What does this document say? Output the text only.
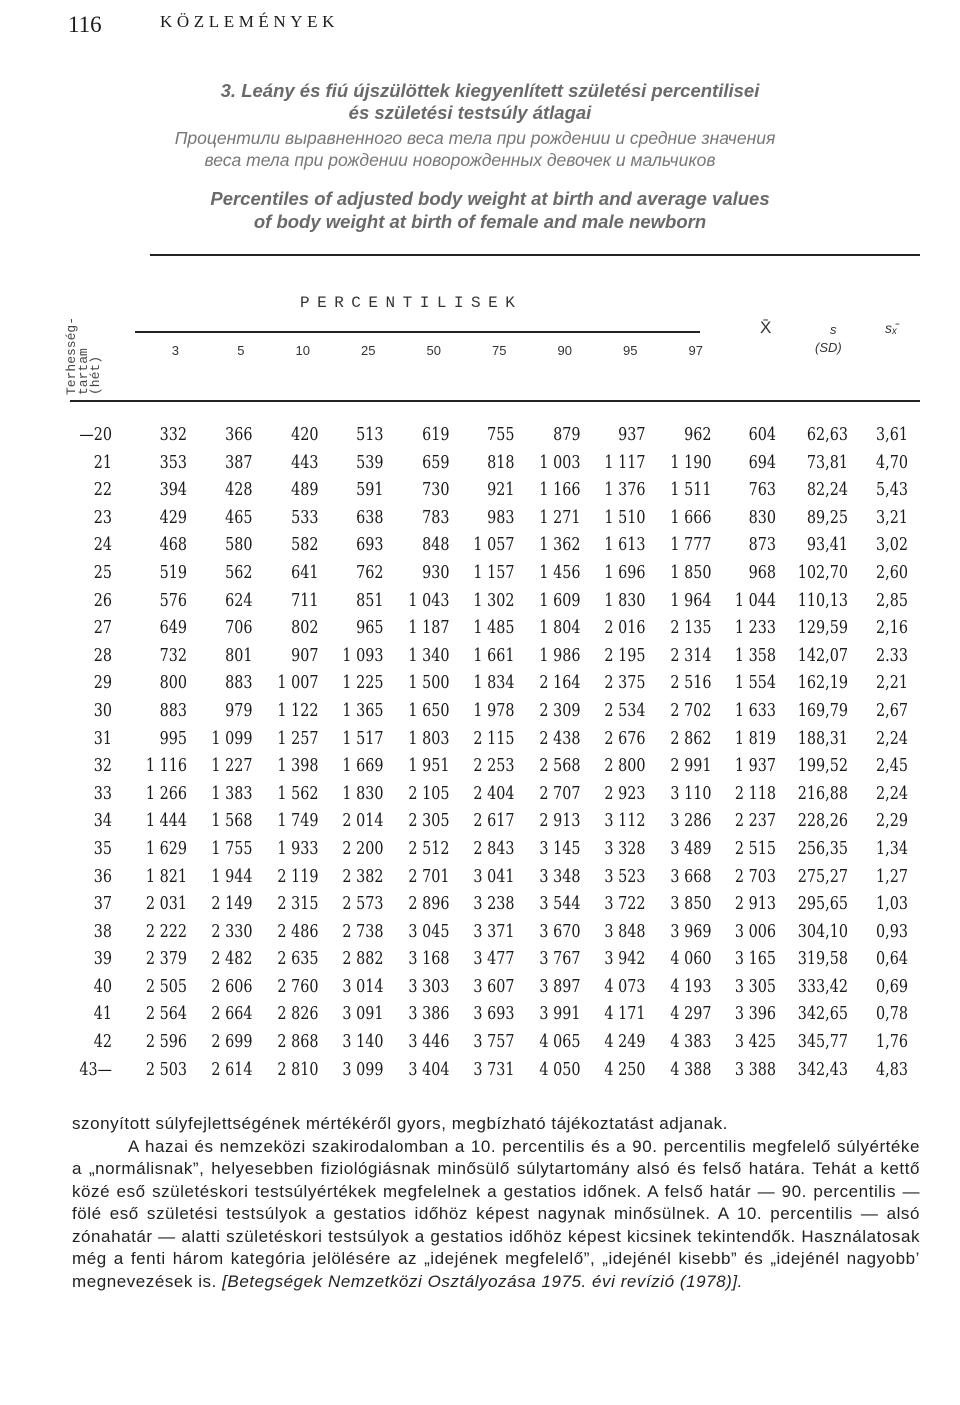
116	KÖZLEMÉNYEK
3. Leány és fiú újszülöttek kiegyenlített születési percentilisei
és születési testsúly átlagai
Процентили выравненного веса тела при рождении и средние значения
веса тела при рождении новорожденных девочек и мальчиков
Percentiles of adjusted body weight at birth and average values
of body weight at birth of female and male newborn
Terhesség-
tartam
(hét)
PERCENTILISEK
X̄	s
(SD)
sₓ̄
3	5	10	25	50	75	90	95	97
—20	332	366	420	513	619	755	879	937	962	604	62,63	3,61
21	353	387	443	539	659	818	1 003	1 117	1 190	694	73,81	4,70
22	394	428	489	591	730	921	1 166	1 376	1 511	763	82,24	5,43
23	429	465	533	638	783	983	1 271	1 510	1 666	830	89,25	3,21
24	468	580	582	693	848	1 057	1 362	1 613	1 777	873	93,41	3,02
25	519	562	641	762	930	1 157	1 456	1 696	1 850	968	102,70	2,60
26	576	624	711	851	1 043	1 302	1 609	1 830	1 964	1 044	110,13	2,85
27	649	706	802	965	1 187	1 485	1 804	2 016	2 135	1 233	129,59	2,16
28	732	801	907	1 093	1 340	1 661	1 986	2 195	2 314	1 358	142,07	2.33
29	800	883	1 007	1 225	1 500	1 834	2 164	2 375	2 516	1 554	162,19	2,21
30	883	979	1 122	1 365	1 650	1 978	2 309	2 534	2 702	1 633	169,79	2,67
31	995	1 099	1 257	1 517	1 803	2 115	2 438	2 676	2 862	1 819	188,31	2,24
32	1 116	1 227	1 398	1 669	1 951	2 253	2 568	2 800	2 991	1 937	199,52	2,45
33	1 266	1 383	1 562	1 830	2 105	2 404	2 707	2 923	3 110	2 118	216,88	2,24
34	1 444	1 568	1 749	2 014	2 305	2 617	2 913	3 112	3 286	2 237	228,26	2,29
35	1 629	1 755	1 933	2 200	2 512	2 843	3 145	3 328	3 489	2 515	256,35	1,34
36	1 821	1 944	2 119	2 382	2 701	3 041	3 348	3 523	3 668	2 703	275,27	1,27
37	2 031	2 149	2 315	2 573	2 896	3 238	3 544	3 722	3 850	2 913	295,65	1,03
38	2 222	2 330	2 486	2 738	3 045	3 371	3 670	3 848	3 969	3 006	304,10	0,93
39	2 379	2 482	2 635	2 882	3 168	3 477	3 767	3 942	4 060	3 165	319,58	0,64
40	2 505	2 606	2 760	3 014	3 303	3 607	3 897	4 073	4 193	3 305	333,42	0,69
41	2 564	2 664	2 826	3 091	3 386	3 693	3 991	4 171	4 297	3 396	342,65	0,78
42	2 596	2 699	2 868	3 140	3 446	3 757	4 065	4 249	4 383	3 425	345,77	1,76
43—	2 503	2 614	2 810	3 099	3 404	3 731	4 050	4 250	4 388	3 388	342,43	4,83

szonyított súlyfejlettségének mértékéről gyors, megbízható tájékoztatást adjanak.

A hazai és nemzeközi szakirodalomban a 10. percentilis és a 90. percentilis megfelelő súlyértéke a „normálisnak”, helyesebben fiziológiásnak minősülő súlytartomány alsó és felső határa. Tehát a kettő közé eső születéskori testsúlyértékek megfelelnek a gestatios időnek. A felső határ — 90. percentilis — fölé eső születési testsúlyok a gestatios időhöz képest nagynak minősülnek. A 10. percentilis — alsó zónahatár — alatti születéskori testsúlyok a gestatios időhöz képest kicsinek tekintendők. Használatosak még a fenti három kategória jelölésére az „idejének megfelelő”, „idejénél kisebb” és „idejénél nagyobb’ megnevezések is. [Betegségek Nemzetközi Osztályozása 1975. évi revízió (1978)].
